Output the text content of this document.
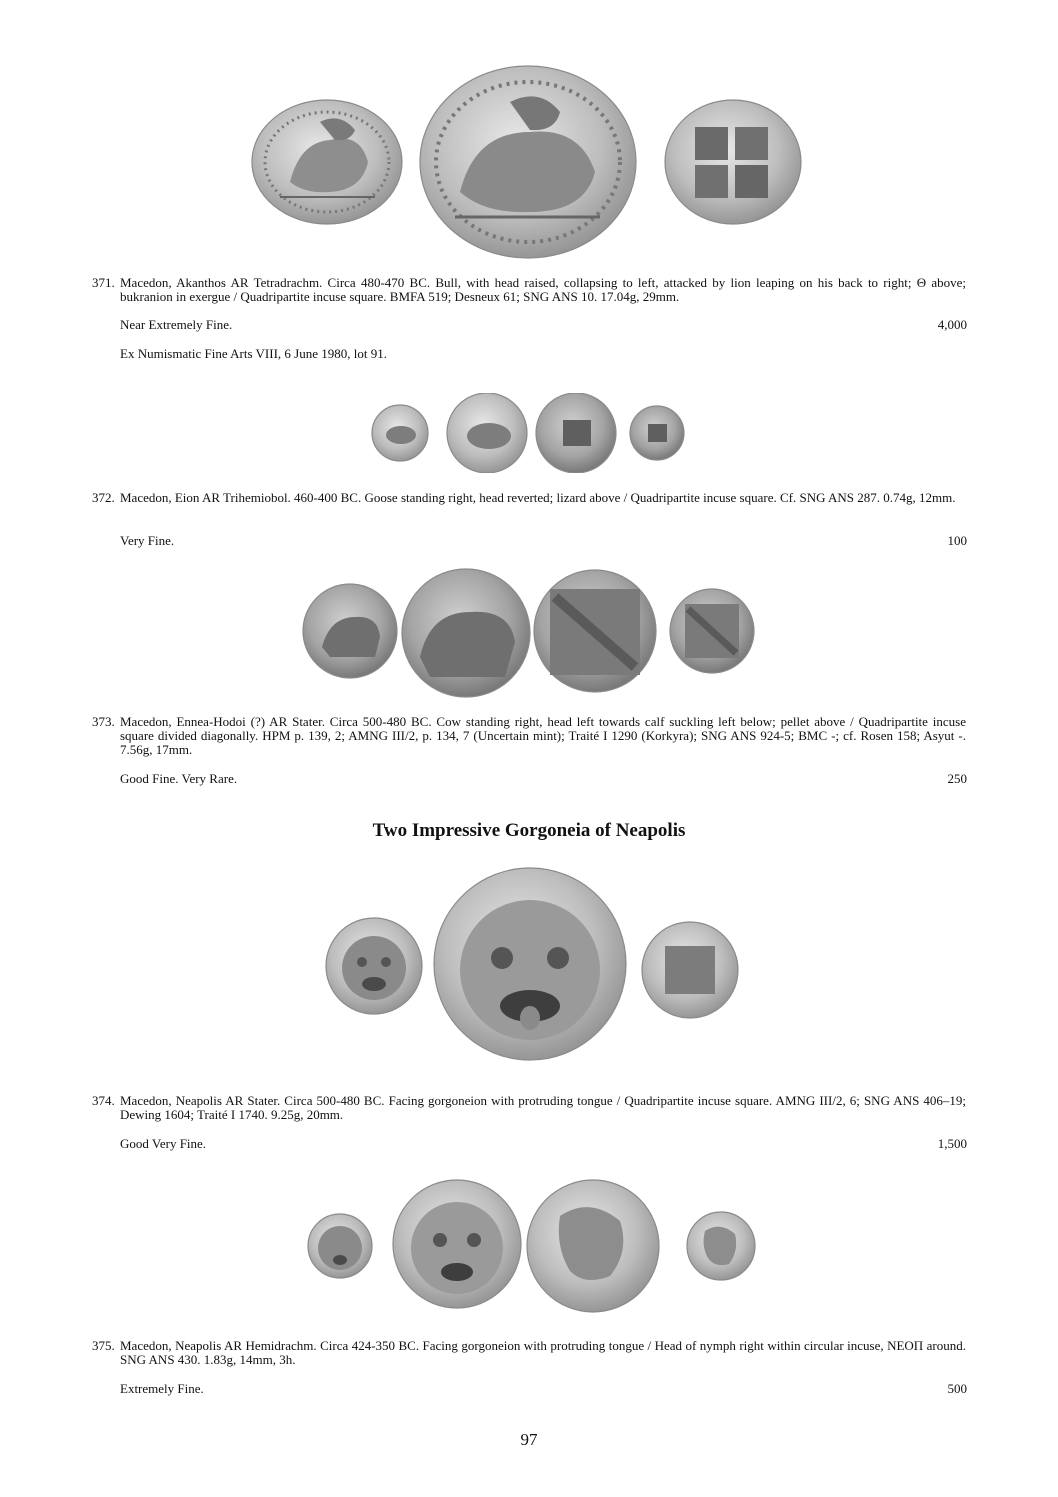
371. Macedon, Akanthos AR Tetradrachm. Circa 480-470 BC. Bull, with head raised, collapsing to left, attacked by lion leaping on his back to right; Θ above; bukranion in exergue / Quadripartite incuse square. BMFA 519; Desneux 61; SNG ANS 10. 17.04g, 29mm.
Near Extremely Fine.	4,000
Ex Numismatic Fine Arts VIII, 6 June 1980, lot 91.
372. Macedon, Eion AR Trihemiobol. 460-400 BC. Goose standing right, head reverted; lizard above / Quadripartite incuse square. Cf. SNG ANS 287. 0.74g, 12mm.
Very Fine.	100
373. Macedon, Ennea-Hodoi (?) AR Stater. Circa 500-480 BC. Cow standing right, head left towards calf suckling left below; pellet above / Quadripartite incuse square divided diagonally. HPM p. 139, 2; AMNG III/2, p. 134, 7 (Uncertain mint); Traité I 1290 (Korkyra); SNG ANS 924-5; BMC -; cf. Rosen 158; Asyut -. 7.56g, 17mm.
Good Fine. Very Rare.	250
Two Impressive Gorgoneia of Neapolis
374. Macedon, Neapolis AR Stater. Circa 500-480 BC. Facing gorgoneion with protruding tongue / Quadripartite incuse square. AMNG III/2, 6; SNG ANS 406–19; Dewing 1604; Traité I 1740. 9.25g, 20mm.
Good Very Fine.	1,500
375. Macedon, Neapolis AR Hemidrachm. Circa 424-350 BC. Facing gorgoneion with protruding tongue / Head of nymph right within circular incuse, NEOΠ around. SNG ANS 430. 1.83g, 14mm, 3h.
Extremely Fine.	500
97
